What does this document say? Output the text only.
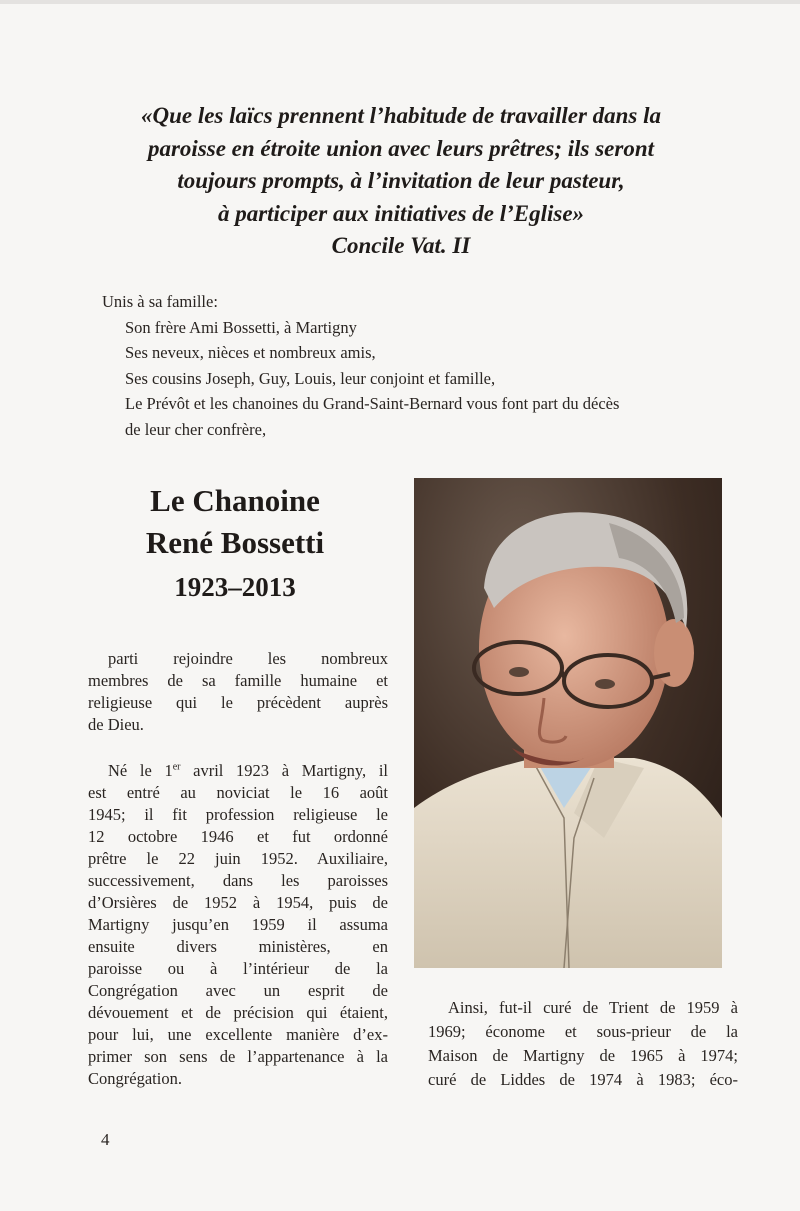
«Que les laïcs prennent l’habitude de travailler dans la
paroisse en étroite union avec leurs prêtres; ils seront
toujours prompts, à l’invitation de leur pasteur,
à participer aux initiatives de l’Eglise»
Concile Vat. II
Unis à sa famille:
Son frère Ami Bossetti, à Martigny
Ses neveux, nièces et nombreux amis,
Ses cousins Joseph, Guy, Louis, leur conjoint et famille,
Le Prévôt et les chanoines du Grand-Saint-Bernard vous font part du décès
de leur cher confrère,
Le Chanoine
René Bossetti
1923–2013
parti rejoindre les nombreux
membres de sa famille humaine et
religieuse qui le précèdent auprès
de Dieu.
Né le 1er avril 1923 à Martigny, il
est entré au noviciat le 16 août
1945; il fit profession religieuse le
12 octobre 1946 et fut ordonné
prêtre le 22 juin 1952. Auxiliaire,
successivement, dans les paroisses
d’Orsières de 1952 à 1954, puis de
Martigny jusqu’en 1959 il assuma
ensuite divers ministères, en
paroisse ou à l’intérieur de la
Congrégation avec un esprit de
dévouement et de précision qui étaient,
pour lui, une excellente manière d’ex-
primer son sens de l’appartenance à la
Congrégation.
Ainsi, fut-il curé de Trient de 1959 à
1969; économe et sous-prieur de la
Maison de Martigny de 1965 à 1974;
curé de Liddes de 1974 à 1983; éco-
4
